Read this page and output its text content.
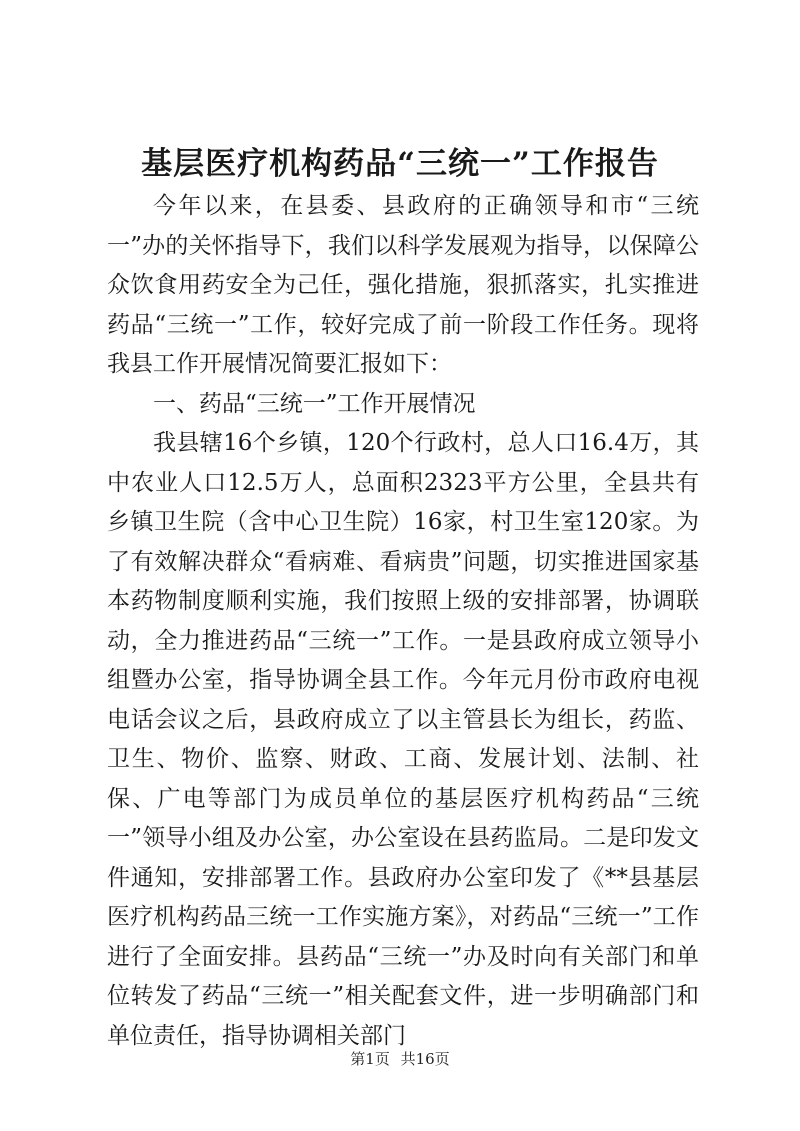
基层医疗机构药品“三统一”工作报告

今年以来，在县委、县政府的正确领导和市“三统一”办的关怀指导下，我们以科学发展观为指导，以保障公众饮食用药安全为己任，强化措施，狠抓落实，扎实推进药品“三统一”工作，较好完成了前一阶段工作任务。现将我县工作开展情况简要汇报如下：

一、药品“三统一”工作开展情况

我县辖16个乡镇，120个行政村，总人口16.4万，其中农业人口12.5万人，总面积2323平方公里，全县共有乡镇卫生院（含中心卫生院）16家，村卫生室120家。为了有效解决群众“看病难、看病贵”问题，切实推进国家基本药物制度顺利实施，我们按照上级的安排部署，协调联动，全力推进药品“三统一”工作。一是县政府成立领导小组暨办公室，指导协调全县工作。今年元月份市政府电视电话会议之后，县政府成立了以主管县长为组长，药监、卫生、物价、监察、财政、工商、发展计划、法制、社保、广电等部门为成员单位的基层医疗机构药品“三统一”领导小组及办公室，办公室设在县药监局。二是印发文件通知，安排部署工作。县政府办公室印发了《**县基层医疗机构药品三统一工作实施方案》，对药品“三统一”工作进行了全面安排。县药品“三统一”办及时向有关部门和单位转发了药品“三统一”相关配套文件，进一步明确部门和单位责任，指导协调相关部门

第1页 共16页
